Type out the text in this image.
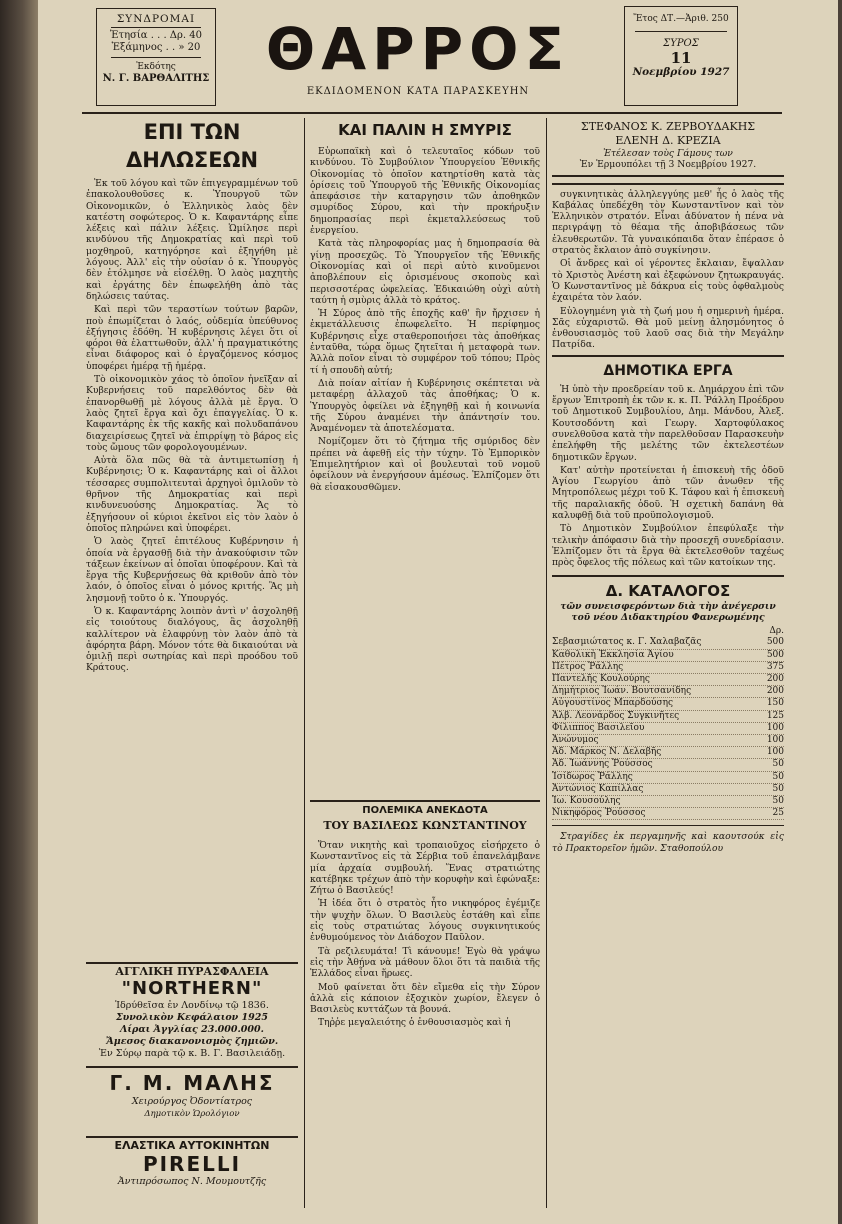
ΣΥΝΔΡΟΜΑΙ
Ἐτησία . . . Δρ. 40
Ἑξάμηνος . . » 20
Ἐκδότης
Ν. Γ. ΒΑΡΘΑΛΙΤΗΣ ΘΑΡΡΟΣ
ΕΚΔΙΔΟΜΕΝΟΝ ΚΑΤΑ ΠΑΡΑΣΚΕΥΗΝ
Ἔτος ΔΤ.—Ἀριθ. 250
ΣΥΡΟΣ
11
Νοεμβρίου 1927
ΕΠΙ ΤΩΝ ΔΗΛΩΣΕΩΝ

Ἐκ τοῦ λόγου καὶ τῶν ἐπιγεγραμμένων τοῦ ἐπακολουθοῦσες κ. Ὑπουργοῦ τῶν Οἰκονομικῶν, ὁ Ἑλληνικὸς λαὸς δὲν κατέστη σοφώτερος. Ὁ κ. Καφαντάρης εἶπε λέξεις καὶ πάλιν λέξεις. Ὡμίλησε περὶ κινδύνου τῆς Δημοκρατίας καὶ περὶ τοῦ μοχθηροῦ, κατηγόρησε καὶ ἐξηγήθη μὲ λόγους. Ἀλλ' εἰς τὴν οὐσίαν ὁ κ. Ὑπουργὸς δὲν ἐτόλμησε νὰ εἰσέλθῃ. Ὁ λαὸς μαχητὴς καὶ ἐργάτης δὲν ἐπωφελήθη ἀπὸ τὰς δηλώσεις ταύτας.

Καὶ περὶ τῶν τεραστίων τούτων βαρῶν, ποὺ ἐπωμίζεται ὁ λαός, οὐδεμία ὑπεύθυνος ἐξήγησις ἐδόθη. Ἡ κυβέρνησις λέγει ὅτι οἱ φόροι θὰ ἐλαττωθοῦν, ἀλλ' ἡ πραγματικότης εἶναι διάφορος καὶ ὁ ἐργαζόμενος κόσμος ὑποφέρει ἡμέρᾳ τῇ ἡμέρᾳ.

Τὸ οἰκονομικὸν χάος τὸ ὁποῖον ἠνεῖξαν αἱ Κυβερνήσεις τοῦ παρελθόντος δὲν θὰ ἐπανορθωθῇ μὲ λόγους ἀλλὰ μὲ ἔργα. Ὁ λαὸς ζητεῖ ἔργα καὶ ὄχι ἐπαγγελίας. Ὁ κ. Καφαντάρης ἐκ τῆς κακῆς καὶ πολυδαπάνου διαχειρίσεως ζητεῖ νὰ ἐπιρρίψῃ τὸ βάρος εἰς τοὺς ὤμους τῶν φορολογουμένων.

Αὐτὰ ὅλα πῶς θὰ τὰ ἀντιμετωπίσῃ ἡ Κυβέρνησις; Ὁ κ. Καφαντάρης καὶ οἱ ἄλλοι τέσσαρες συμπολιτευταὶ ἀρχηγοὶ ὁμιλοῦν τὸ θρῆνον τῆς Δημοκρατίας καὶ περὶ κινδυνευούσης Δημοκρατίας. Ἄς τὸ ἐξηγήσουν οἱ κύριοι ἐκεῖνοι εἰς τὸν λαὸν ὁ ὁποῖος πληρώνει καὶ ὑποφέρει.

Ὁ λαὸς ζητεῖ ἐπιτέλους Κυβέρνησιν ἡ ὁποία νὰ ἐργασθῇ διὰ τὴν ἀνακούφισιν τῶν τάξεων ἐκείνων αἱ ὁποῖαι ὑποφέρουν. Καὶ τὰ ἔργα τῆς Κυβερνήσεως θὰ κριθοῦν ἀπὸ τὸν λαόν, ὁ ὁποῖος εἶναι ὁ μόνος κριτής. Ἂς μὴ λησμονῇ τοῦτο ὁ κ. Ὑπουργός.

Ὁ κ. Καφαντάρης λοιπὸν ἀντὶ ν' ἀσχοληθῇ εἰς τοιούτους διαλόγους, ἂς ἀσχοληθῇ καλλίτερον νὰ ἐλαφρύνῃ τὸν λαὸν ἀπὸ τὰ ἀφόρητα βάρη. Μόνον τότε θὰ δικαιούται νὰ ὁμιλῇ περὶ σωτηρίας καὶ περὶ προόδου τοῦ Κράτους.

ΑΓΓΛΙΚΗ ΠΥΡΑΣΦΑΛΕΙΑ
"NORTHERN"
Ἱδρύθεῖσα ἐν Λονδίνῳ τῷ 1836.
Συνολικὸν Κεφάλαιον 1925
Λίραι Ἀγγλίας 23.000.000.
Ἄμεσος διακανονισμὸς ζημιῶν.
Ἐν Σύρῳ παρὰ τῷ κ. Β. Γ. Βασιλειάδῃ.
Γ. Μ. ΜΑΛΗΣ
Χειρούργος Ὀδοντίατρος
Δημοτικὸν Ὡρολόγιον
ΕΛΑΣΤΙΚΑ ΑΥΤΟΚΙΝΗΤΩΝ
PIRELLI
Ἀντιπρόσωπος Ν. Μουμουτζῆς
ΚΑΙ ΠΑΛΙΝ Η ΣΜΥΡΙΣ

Εὐρωπαϊκὴ καὶ ὁ τελευταῖος κόδων τοῦ κινδύνου. Τὸ Συμβούλιον Ὑπουργείου Ἐθνικῆς Οἰκονομίας τὸ ὁποῖον κατηρτίσθη κατὰ τὰς ὁρίσεις τοῦ Ὑπουργοῦ τῆς Ἐθνικῆς Οἰκονομίας ἀπεφάσισε τὴν καταργησιν τῶν ἀποθηκῶν σμυρίδος Σύρου, καὶ τὴν προκήρυξιν δημοπρασίας περὶ ἐκμεταλλεύσεως τοῦ ἐνεργείου.

Κατὰ τὰς πληροφορίας μας ἡ δημοπρασία θὰ γίνῃ προσεχῶς. Τὸ Ὑπουργεῖον τῆς Ἐθνικῆς Οἰκονομίας καὶ οἱ περὶ αὐτὸ κινοῦμενοι ἀποβλέπουν εἰς ὁρισμένους σκοποὺς καὶ περισσοτέρας ὠφελείας. Ἐδικαιώθη οὐχὶ αὐτὴ ταύτη ἡ σμὺρις ἀλλὰ τὸ κράτος.

Ἡ Σύρος ἀπὸ τῆς ἐποχῆς καθ' ἣν ἤρχισεν ἡ ἐκμετάλλευσις ἐπωφελεῖτο. Ἡ περίφημος Κυβέρνησις εἶχε σταθεροποιήσει τὰς ἀποθήκας ἐνταῦθα, τώρα ὅμως ζητεῖται ἡ μεταφορὰ των. Ἀλλὰ ποῖον εἶναι τὸ συμφέρον τοῦ τόπου; Πρὸς τί ἡ σπουδὴ αὐτή;

Διὰ ποίαν αἰτίαν ἡ Κυβέρνησις σκέπτεται νὰ μεταφέρῃ ἀλλαχοῦ τὰς ἀποθήκας; Ὁ κ. Ὑπουργὸς ὀφείλει νὰ ἐξηγηθῇ καὶ ἡ κοινωνία τῆς Σύρου ἀναμένει τὴν ἀπάντησίν του. Ἀναμένομεν τὰ ἀποτελέσματα.

Νομίζομεν ὅτι τὸ ζήτημα τῆς σμύριδος δὲν πρέπει νὰ ἀφεθῇ εἰς τὴν τύχην. Τὸ Ἐμπορικὸν Ἐπιμελητήριον καὶ οἱ βουλευταὶ τοῦ νομοῦ ὀφείλουν νὰ ἐνεργήσουν ἀμέσως. Ἐλπίζομεν ὅτι θὰ εἰσακουσθῶμεν.

ΠΟΛΕΜΙΚΑ ΑΝΕΚΔΟΤΑ
ΤΟΥ ΒΑΣΙΛΕΩΣ ΚΩΝΣΤΑΝΤΙΝΟΥ

Ὅταν νικητὴς καὶ τροπαιοῦχος εἰσήρχετο ὁ Κωνσταντῖνος εἰς τὰ Σέρβια τοῦ ἐπανελάμβανε μία ἀρχαία συμβουλή. Ἕνας στρατιώτης κατέβηκε τρέχων ἀπὸ τὴν κορυφὴν καὶ ἐφώναξε: Ζήτω ὁ Βασιλεύς!

Ἡ ἰδέα ὅτι ὁ στρατὸς ἦτο νικηφόρος ἐγέμιζε τὴν ψυχὴν ὅλων. Ὁ Βασιλεὺς ἐστάθη καὶ εἶπε εἰς τοὺς στρατιώτας λόγους συγκινητικούς ἐνθυμούμενος τὸν Διάδοχον Παῦλον.

Τὰ ρεζιλευμάτα! Τὶ κάνουμε! Ἐγὼ θὰ γράψω εἰς τὴν Ἀθήνα νὰ μάθουν ὅλοι ὅτι τὰ παιδιὰ τῆς Ἑλλάδος εἶναι ἥρωες.

Μοῦ φαίνεται ὅτι δὲν εἴμεθα εἰς τὴν Σύρον ἀλλὰ εἰς κάποιον ἐξοχικὸν χωρίον, ἔλεγεν ὁ Βασιλεὺς κυττάζων τὰ βουνά.

Τηῤῥε μεγαλειότης ὁ ἐνθουσιασμὸς καὶ ἡ

ΣΤΕΦΑΝΟΣ Κ. ΖΕΡΒΟΥΔΑΚΗΣ
ΕΛΕΝΗ Δ. ΚΡΕΖΙΑ
Ἐτέλεσαν τοὺς Γάμους των
Ἐν Ἑρμουπόλει τῇ 3 Νοεμβρίου 1927.

συγκινητικὰς ἀλληλεγγύης μεθ' ἧς ὁ λαὸς τῆς Καβάλας ὑπεδέχθη τὸν Κωνσταντῖνον καὶ τὸν Ἑλληνικὸν στρατόν. Εἶναι ἀδύνατον ἡ πένα νὰ περιγράψῃ τὸ θέαμα τῆς ἀποβιβάσεως τῶν ἐλευθερωτῶν. Τὰ γυναικόπαιδα ὅταν ἐπέρασε ὁ στρατὸς ἔκλαιον ἀπὸ συγκίνησιν.

Οἱ ἄνδρες καὶ οἱ γέροντες ἔκλαιαν, ἔψαλλαν τὸ Χριστὸς Ἀνέστη καὶ ἐξεφώνουν ζητωκραυγάς. Ὁ Κωνσταντῖνος μὲ δάκρυα εἰς τοὺς ὀφθαλμοὺς ἐχαιρέτα τὸν λαόν.

Εὐλογημένη γιὰ τὴ ζωή μου ἡ σημερινὴ ἡμέρα. Σᾶς εὐχαριστῶ. Θὰ μοῦ μείνῃ ἀλησμόνητος ὁ ἐνθουσιασμὸς τοῦ λαοῦ σας διὰ τὴν Μεγάλην Πατρίδα.

ΔΗΜΟΤΙΚΑ ΕΡΓΑ

Ἡ ὑπὸ τὴν προεδρείαν τοῦ κ. Δημάρχου ἐπὶ τῶν ἔργων Ἐπιτροπὴ ἐκ τῶν κ. κ. Π. Ῥάλλη Προέδρου τοῦ Δημοτικοῦ Συμβουλίου, Δημ. Μάνδου, Ἀλεξ. Κουτσοδόντη καὶ Γεωργ. Χαρτοφύλακος συνελθοῦσα κατὰ τὴν παρελθοῦσαν Παρασκευὴν ἐπελήφθη τῆς μελέτης τῶν ἐκτελεστέων δημοτικῶν ἔργων.

Κατ' αὐτὴν προτείνεται ἡ ἐπισκευὴ τῆς ὁδοῦ Ἁγίου Γεωργίου ἀπὸ τῶν ἀνωθεν τῆς Μητροπόλεως μέχρι τοῦ Κ. Τάφου καὶ ἡ ἐπισκευὴ τῆς παραλιακῆς ὁδοῦ. Ἡ σχετικὴ δαπάνη θὰ καλυφθῇ διὰ τοῦ προϋπολογισμοῦ.

Τὸ Δημοτικὸν Συμβούλιον ἐπεφύλαξε τὴν τελικὴν ἀπόφασιν διὰ τὴν προσεχῆ συνεδρίασιν. Ἐλπίζομεν ὅτι τὰ ἔργα θὰ ἐκτελεσθοῦν ταχέως πρὸς ὄφελος τῆς πόλεως καὶ τῶν κατοίκων της.

Δ. ΚΑΤΑΛΟΓΟΣ
τῶν συνεισφερόντων διὰ τὴν ἀνέγερσιν
τοῦ νέου Διδακτηρίου Φανερωμένης
Δρ.
Σεβασμιώτατος κ. Γ. Χαλαβαζᾶς	500
Καθολικὴ Ἐκκλησία Ἀγίου	500
Πέτρος Ῥάλλης	375
Παντελῆς Κουλούρης	200
Δημήτριος Ἰωάν. Βουτσανίδης	200
Αὐγουστίνος Μπαρδούσης	150
Ἀλβ. Λεονάρδος Συγκινῆτες	125
Φίλιππος Βασιλεῖου	100
Ἀνώνυμος	100
Ἀδ. Μάρκος Ν. Δελαβῆς	100
Ἀδ. Ἰωάννης Ῥούσσος	50
Ἰσίδωρος Ῥάλλης	50
Ἀντώνιος Καπίλλας	50
Ἰω. Κουσούλης	50
Νικηφόρος Ῥούσσος	25

Στραγίδες ἐκ περγαμηνῆς καὶ καουτσούκ εἰς τὸ Πρακτορεῖον ἡμῶν. Σταθοπούλου
